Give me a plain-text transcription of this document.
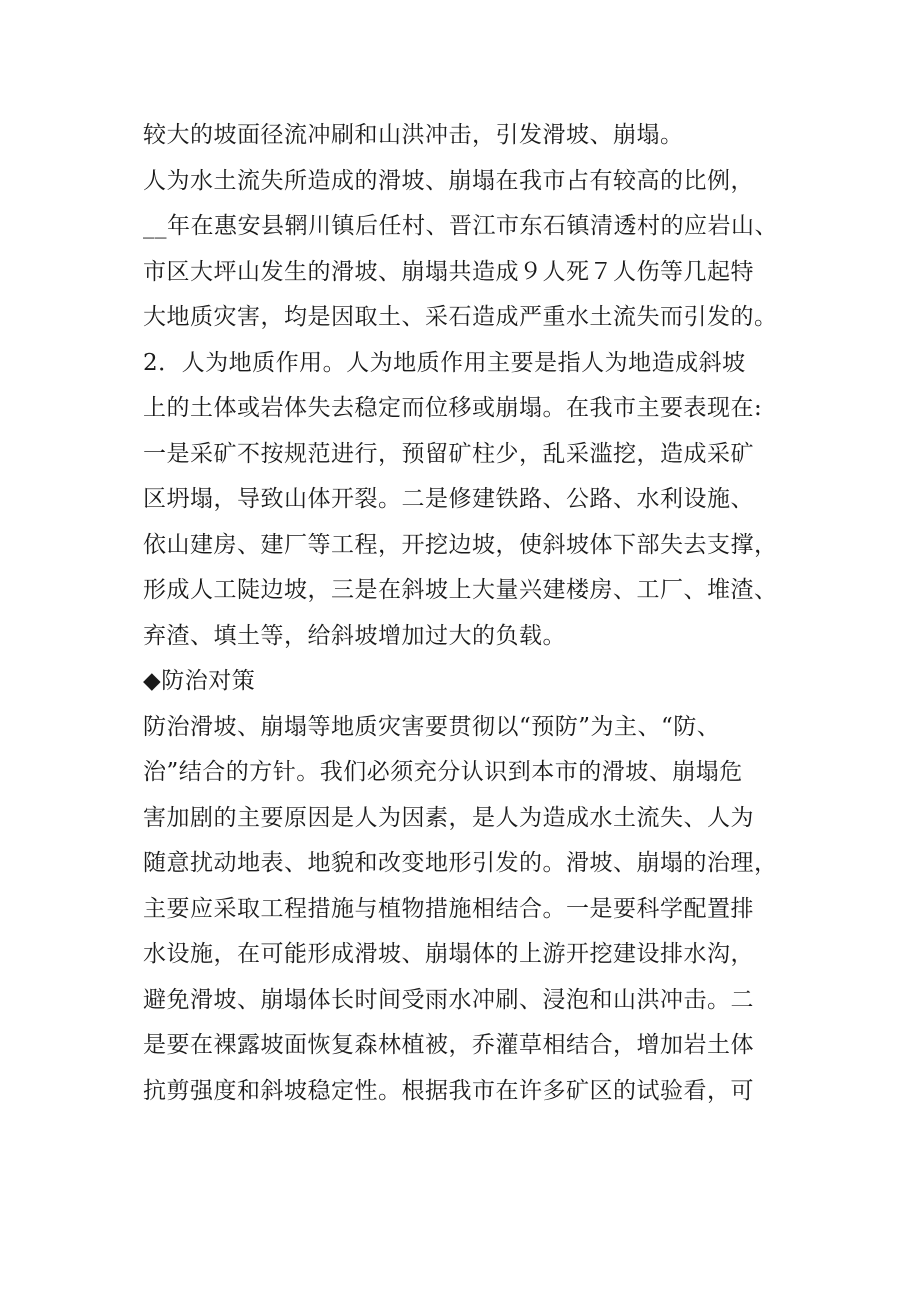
较大的坡面径流冲刷和山洪冲击，引发滑坡、崩塌。
人为水土流失所造成的滑坡、崩塌在我市占有较高的比例，
__年在惠安县辋川镇后任村、晋江市东石镇清透村的应岩山、
市区大坪山发生的滑坡、崩塌共造成９人死７人伤等几起特
大地质灾害，均是因取土、采石造成严重水土流失而引发的。
2．人为地质作用。人为地质作用主要是指人为地造成斜坡
上的土体或岩体失去稳定而位移或崩塌。在我市主要表现在:
一是采矿不按规范进行，预留矿柱少，乱采滥挖，造成采矿
区坍塌，导致山体开裂。二是修建铁路、公路、水利设施、
依山建房、建厂等工程，开挖边坡，使斜坡体下部失去支撑，
形成人工陡边坡，三是在斜坡上大量兴建楼房、工厂、堆渣、
弃渣、填土等，给斜坡增加过大的负载。
◆防治对策
防治滑坡、崩塌等地质灾害要贯彻以“预防”为主、“防、
治”结合的方针。我们必须充分认识到本市的滑坡、崩塌危
害加剧的主要原因是人为因素，是人为造成水土流失、人为
随意扰动地表、地貌和改变地形引发的。滑坡、崩塌的治理，
主要应采取工程措施与植物措施相结合。一是要科学配置排
水设施，在可能形成滑坡、崩塌体的上游开挖建设排水沟，
避免滑坡、崩塌体长时间受雨水冲刷、浸泡和山洪冲击。二
是要在裸露坡面恢复森林植被，乔灌草相结合，增加岩土体
抗剪强度和斜坡稳定性。根据我市在许多矿区的试验看，可
